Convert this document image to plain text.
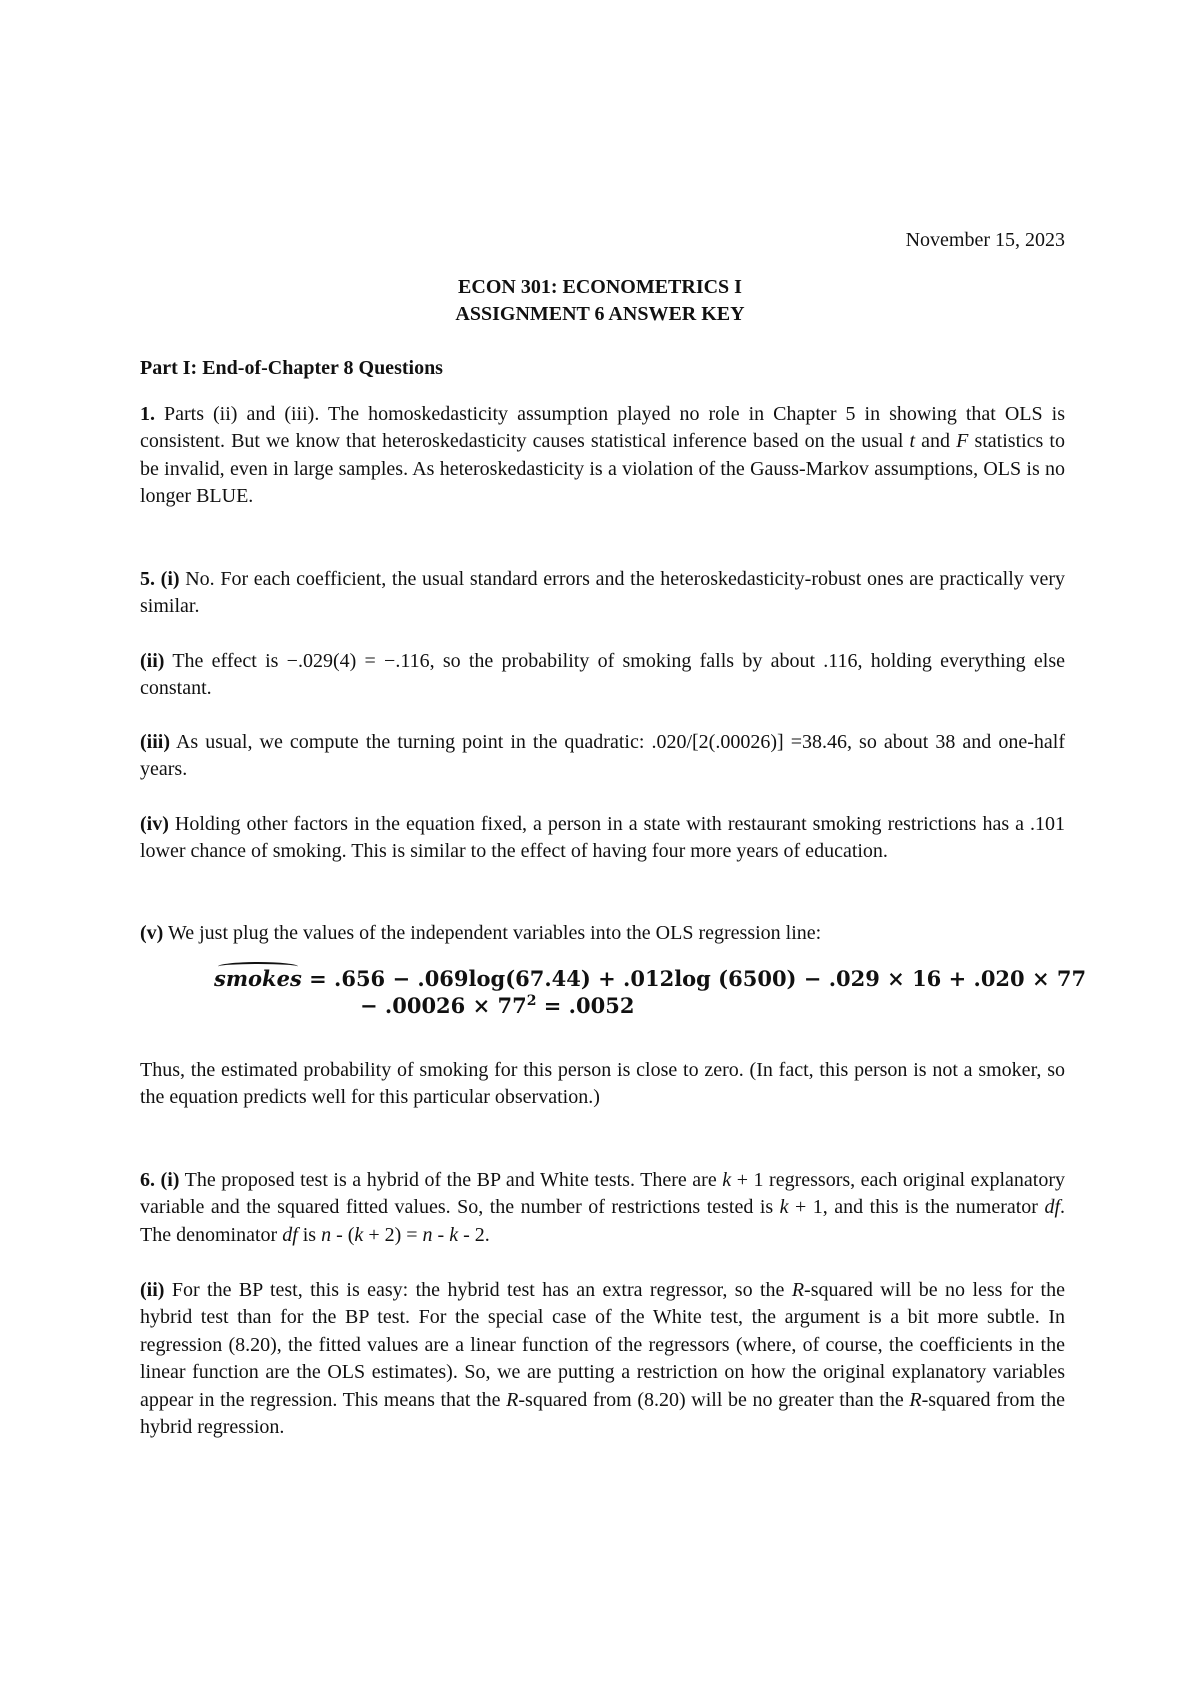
November 15, 2023

ECON 301: ECONOMETRICS I

ASSIGNMENT 6 ANSWER KEY

Part I: End-of-Chapter 8 Questions

1. Parts (ii) and (iii). The homoskedasticity assumption played no role in Chapter 5 in showing that OLS is consistent. But we know that heteroskedasticity causes statistical inference based on the usual t and F statistics to be invalid, even in large samples. As heteroskedasticity is a violation of the Gauss-Markov assumptions, OLS is no longer BLUE.

5. (i) No. For each coefficient, the usual standard errors and the heteroskedasticity-robust ones are practically very similar.

(ii) The effect is −.029(4) = −.116, so the probability of smoking falls by about .116, holding everything else constant.

(iii) As usual, we compute the turning point in the quadratic: .020/[2(.00026)] =38.46, so about 38 and one-half years.

(iv) Holding other factors in the equation fixed, a person in a state with restaurant smoking restrictions has a .101 lower chance of smoking. This is similar to the effect of having four more years of education.

(v) We just plug the values of the independent variables into the OLS regression line:

smokes = .656 − .069log(67.44) + .012log (6500) − .029 × 16 + .020 × 77
− $.00026 \times 77^2 = .0052$

Thus, the estimated probability of smoking for this person is close to zero. (In fact, this person is not a smoker, so the equation predicts well for this particular observation.)

6. (i) The proposed test is a hybrid of the BP and White tests. There are k + 1 regressors, each original explanatory variable and the squared fitted values. So, the number of restrictions tested is k + 1, and this is the numerator df. The denominator df is n - (k + 2) = n - k - 2.

(ii) For the BP test, this is easy: the hybrid test has an extra regressor, so the R-squared will be no less for the hybrid test than for the BP test. For the special case of the White test, the argument is a bit more subtle. In regression (8.20), the fitted values are a linear function of the regressors (where, of course, the coefficients in the linear function are the OLS estimates). So, we are putting a restriction on how the original explanatory variables appear in the regression. This means that the R-squared from (8.20) will be no greater than the R-squared from the hybrid regression.
